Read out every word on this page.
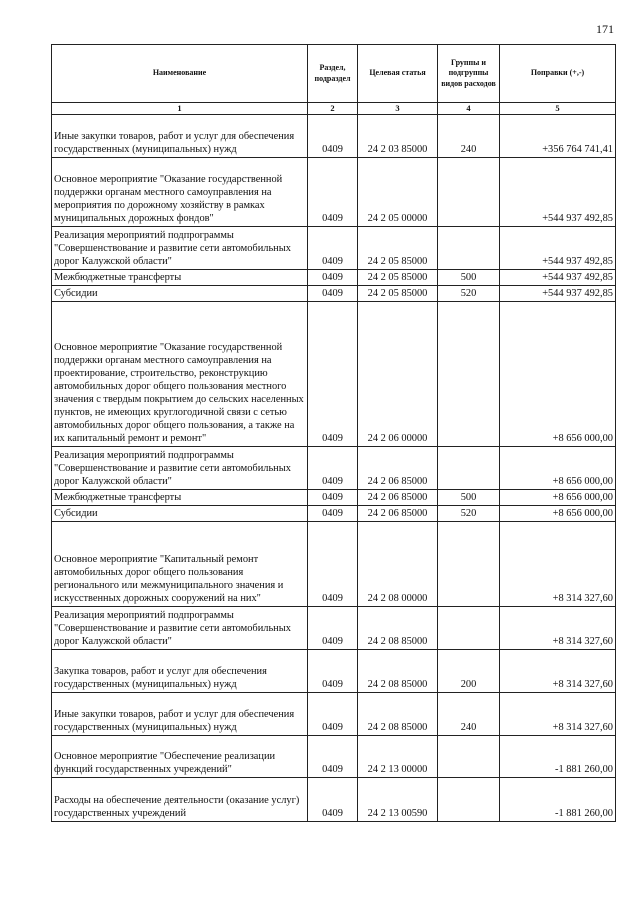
171
Наименование	Раздел, подраздел	Целевая статья	Группы и подгруппы видов расходов	Поправки (+,-)
1	2	3	4	5
Иные закупки товаров, работ и услуг для обеспечения государственных (муниципальных) нужд	0409	24 2 03 85000	240	+356 764 741,41
Основное мероприятие "Оказание государственной поддержки органам местного самоуправления на мероприятия по дорожному хозяйству в рамках муниципальных дорожных фондов"	0409	24 2 05 00000		+544 937 492,85
Реализация мероприятий подпрограммы "Совершенствование и развитие сети автомобильных дорог Калужской области"	0409	24 2 05 85000		+544 937 492,85
Межбюджетные трансферты	0409	24 2 05 85000	500	+544 937 492,85
Субсидии	0409	24 2 05 85000	520	+544 937 492,85
Основное мероприятие "Оказание государственной поддержки органам местного самоуправления на проектирование, строительство, реконструкцию автомобильных дорог общего пользования местного значения с твердым покрытием до сельских населенных пунктов, не имеющих круглогодичной связи с сетью автомобильных дорог общего пользования, а также на их капитальный ремонт и ремонт"	0409	24 2 06 00000		+8 656 000,00
Реализация мероприятий подпрограммы "Совершенствование и развитие сети автомобильных дорог Калужской области"	0409	24 2 06 85000		+8 656 000,00
Межбюджетные трансферты	0409	24 2 06 85000	500	+8 656 000,00
Субсидии	0409	24 2 06 85000	520	+8 656 000,00
Основное мероприятие "Капитальный ремонт автомобильных дорог общего пользования регионального или межмуниципального значения и искусственных дорожных сооружений на них"	0409	24 2 08 00000		+8 314 327,60
Реализация мероприятий подпрограммы "Совершенствование и развитие сети автомобильных дорог Калужской области"	0409	24 2 08 85000		+8 314 327,60
Закупка товаров, работ и услуг для обеспечения государственных (муниципальных) нужд	0409	24 2 08 85000	200	+8 314 327,60
Иные закупки товаров, работ и услуг для обеспечения государственных (муниципальных) нужд	0409	24 2 08 85000	240	+8 314 327,60
Основное мероприятие "Обеспечение реализации функций государственных учреждений"	0409	24 2 13 00000		-1 881 260,00
Расходы на обеспечение деятельности (оказание услуг) государственных учреждений	0409	24 2 13 00590		-1 881 260,00
